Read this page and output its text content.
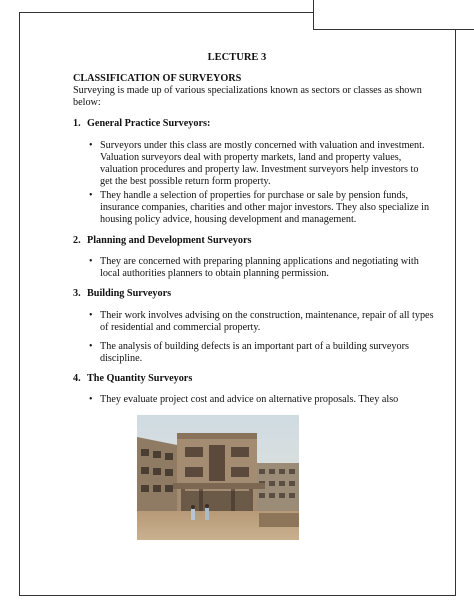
LECTURE 3
CLASSIFICATION OF SURVEYORS
Surveying is made up of various specializations known as sectors or classes as shown
below:
1. General Practice Surveyors:
• Surveyors under this class are mostly concerned with valuation and investment.
Valuation surveyors deal with property markets, land and property values,
valuation procedures and property law. Investment surveyors help investors to
get the best possible return form property.
• They handle a selection of properties for purchase or sale by pension funds,
insurance companies, charities and other major investors. They also specialize in
housing policy advice, housing development and management.
2. Planning and Development Surveyors
• They are concerned with preparing planning applications and negotiating with
local authorities planners to obtain planning permission.
3. Building Surveyors
• Their work involves advising on the construction, maintenance, repair of all types
of residential and commercial property.
• The analysis of building defects is an important part of a building surveyors
discipline.
4. The Quantity Surveyors
• They evaluate project cost and advice on alternative proposals. They also
